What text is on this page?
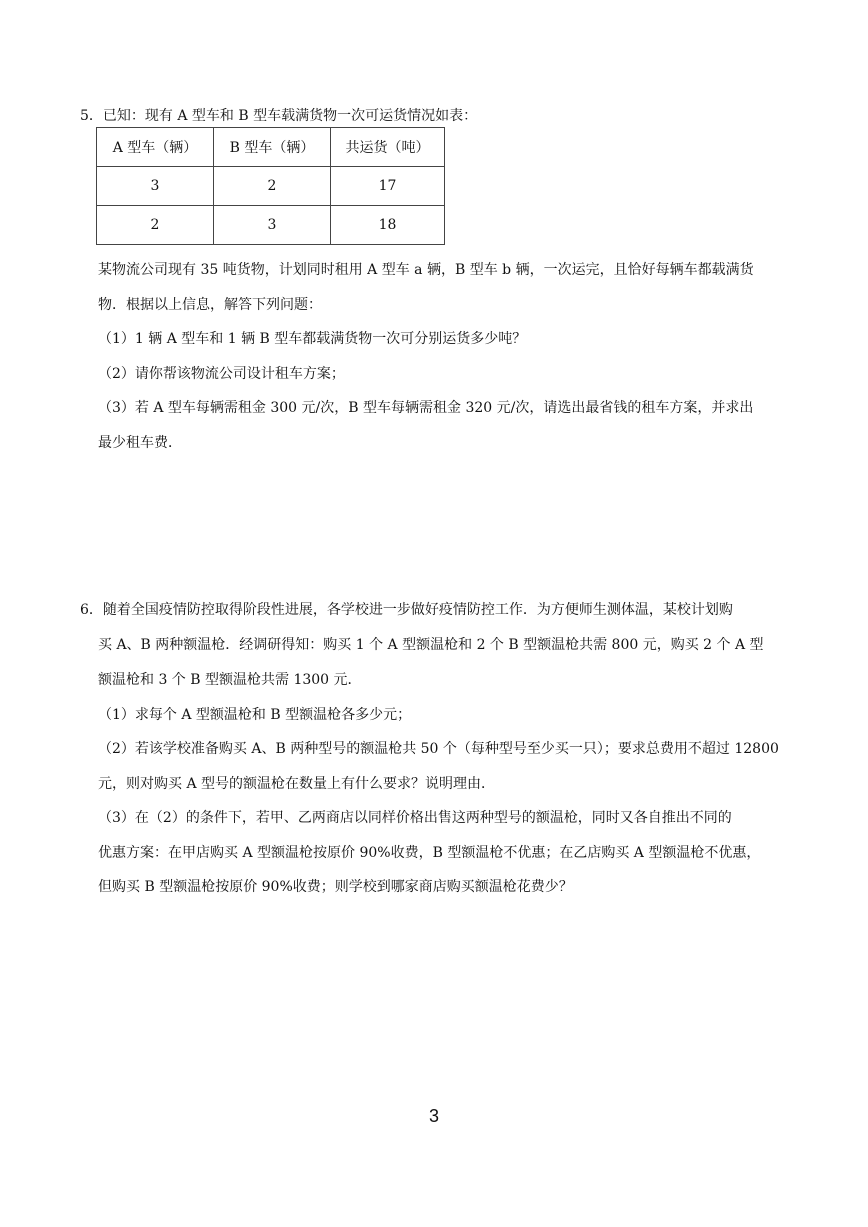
5．已知：现有 A 型车和 B 型车载满货物一次可运货情况如表：
A 型车（辆）	B 型车（辆）	共运货（吨）
3	2	17
2	3	18
某物流公司现有 35 吨货物，计划同时租用 A 型车 a 辆，B 型车 b 辆，一次运完，且恰好每辆车都载满货
物．根据以上信息，解答下列问题：
（1）1 辆 A 型车和 1 辆 B 型车都载满货物一次可分别运货多少吨？
（2）请你帮该物流公司设计租车方案；
（3）若 A 型车每辆需租金 300 元/次，B 型车每辆需租金 320 元/次，请选出最省钱的租车方案，并求出
最少租车费．
6．随着全国疫情防控取得阶段性进展，各学校进一步做好疫情防控工作．为方便师生测体温，某校计划购
买 A、B 两种额温枪．经调研得知：购买 1 个 A 型额温枪和 2 个 B 型额温枪共需 800 元，购买 2 个 A 型
额温枪和 3 个 B 型额温枪共需 1300 元．
（1）求每个 A 型额温枪和 B 型额温枪各多少元；
（2）若该学校准备购买 A、B 两种型号的额温枪共 50 个（每种型号至少买一只）；要求总费用不超过 12800
元，则对购买 A 型号的额温枪在数量上有什么要求？说明理由．
（3）在（2）的条件下，若甲、乙两商店以同样价格出售这两种型号的额温枪，同时又各自推出不同的
优惠方案：在甲店购买 A 型额温枪按原价 90%收费，B 型额温枪不优惠；在乙店购买 A 型额温枪不优惠，
但购买 B 型额温枪按原价 90%收费；则学校到哪家商店购买额温枪花费少？
3
